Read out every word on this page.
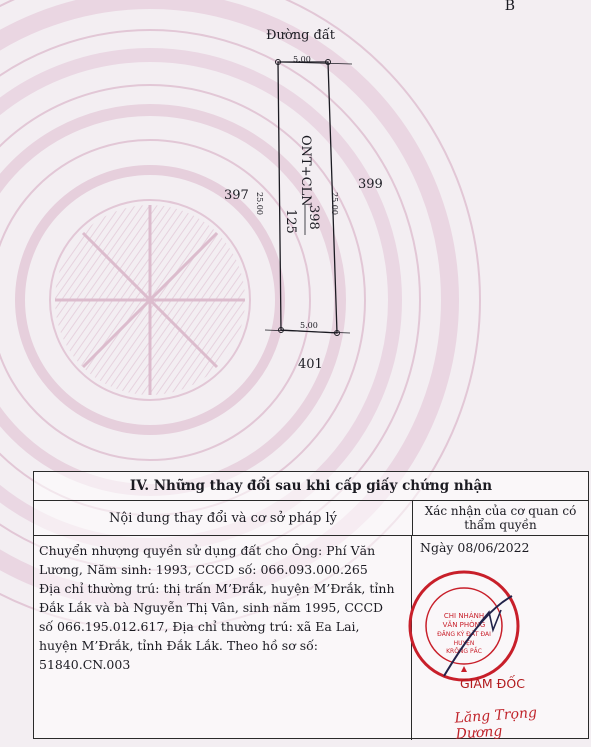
B
Đường đất
5.00
5.00
25.00	25.00
ONT+CLN
398
125
397
399
401
IV. Những thay đổi sau khi cấp giấy chứng nhận
Nội dung thay đổi và cơ sở pháp lý	Xác nhận của cơ quan có thẩm quyền
Chuyển nhượng quyền sử dụng đất cho Ông: Phí Văn
Lương, Năm sinh: 1993, CCCD số: 066.093.000.265
Địa chỉ thường trú: thị trấn M’Đrắk, huyện M’Đrắk, tỉnh
Đắk Lắk và bà Nguyễn Thị Vân, sinh năm 1995, CCCD
số 066.195.012.617, Địa chỉ thường trú: xã Ea Lai,
huyện M’Đrắk, tỉnh Đắk Lắk. Theo hồ sơ số:
51840.CN.003
Ngày 08/06/2022
CHI NHÁNH
VĂN PHÒNG
ĐĂNG KÝ ĐẤT ĐAI
HUYỆN
KRÔNG PẮC
GIÁM ĐỐC
Lăng Trọng Dương
